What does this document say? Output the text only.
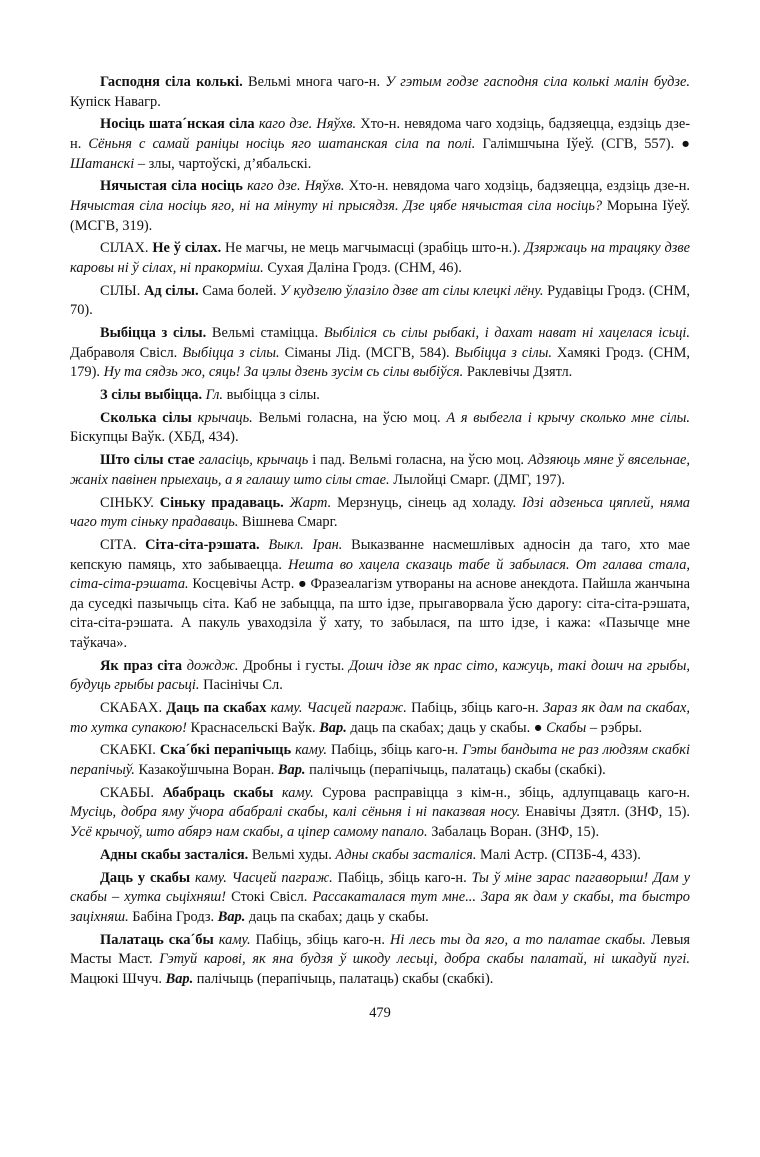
Гасподня сіла колькі. Вельмі многа чаго-н. У гэтым годзе гасподня сіла колькі малін будзе. Купіск Навагр.

Носіць шата´нская сіла каго дзе. Няўхв. Хто-н. невядома чаго ходзіць, бадзяецца, ездзіць дзе-н. Сёньня с самай раніцы носіць яго шатанская сіла па полі. Галімшчына Іўеў. (СГВ, 557). ● Шатанскі – злы, чартоўскі, д’ябальскі.

Нячыстая сіла носіць каго дзе. Няўхв. Хто-н. невядома чаго ходзіць, бадзяецца, ездзіць дзе-н. Нячыстая сіла носіць яго, ні на мінуту ні прысядзя. Дзе цябе нячыстая сіла носіць? Морына Іўеў. (МСГВ, 319).

СІЛАХ. Не ў сілах. Не магчы, не мець магчымасці (зрабіць што-н.). Дзяржаць на трацяку дзве каровы ні ў сілах, ні пракорміш. Сухая Даліна Гродз. (СНМ, 46).

СІЛЫ. Ад сілы. Сама болей. У кудзелю ўлазіло дзве ат сілы клецкі лёну. Рудавіцы Гродз. (СНМ, 70).

Выбіцца з сілы. Вельмі стаміцца. Выбіліся сь сілы рыбакі, і дахат нават ні хацелася ісьці. Дабраволя Свісл. Выбіцца з сілы. Сіманы Лід. (МСГВ, 584). Выбіцца з сілы. Хамякі Гродз. (СНМ, 179). Ну та сядзь жо, сяць! За цэлы дзень зусім сь сілы выбіўся. Раклевічы Дзятл.

З сілы выбіцца. Гл. выбіцца з сілы.

Сколька сілы крычаць. Вельмі голасна, на ўсю моц. А я выбегла і крычу сколько мне сілы. Біскупцы Ваўк. (ХБД, 434).

Што сілы стае галасіць, крычаць і пад. Вельмі голасна, на ўсю моц. Адзяюць мяне ў вясельнае, жаніх павінен прыехаць, а я галашу што сілы стае. Лылойці Смарг. (ДМГ, 197).

СІНЬКУ. Сіньку прадаваць. Жарт. Мерзнуць, сінець ад холаду. Ідзі адзеньса цяплей, няма чаго тут сіньку прадаваць. Вішнева Смарг.

СІТА. Сіта-сіта-рэшата. Выкл. Іран. Выказванне насмешлівых адносін да таго, хто мае кепскую памяць, хто забываецца. Нешта во хацела сказаць табе й забылася. От галава стала, сіта-сіта-рэшата. Косцевічы Астр. ● Фразеалагізм утвораны на аснове анекдота. Пайшла жанчына да суседкі пазычыць сіта. Каб не забыцца, па што ідзе, прыгаворвала ўсю дарогу: сіта-сіта-рэшата, сіта-сіта-рэшата. А пакуль уваходзіла ў хату, то забылася, па што ідзе, і кажа: «Пазычце мне таўкача».

Як праз сіта дождж. Дробны і густы. Дошч ідзе як прас сіто, кажуць, такі дошч на грыбы, будуць грыбы расьці. Пасінічы Сл.

СКАБАХ. Даць па скабах каму. Часцей паграж. Пабіць, збіць каго-н. Зараз як дам па скабах, то хутка супакою! Краснасельскі Ваўк. Вар. даць па скабах; даць у скабы. ● Скабы – рэбры.

СКАБКІ. Ска´бкі перапічыць каму. Пабіць, збіць каго-н. Гэты бандыта не раз людзям скабкі перапічыў. Казакоўшчына Воран. Вар. палічыць (перапічыць, палатаць) скабы (скабкі).

СКАБЫ. Абабраць скабы каму. Сурова расправіцца з кім-н., збіць, адлупцаваць каго-н. Мусіць, добра яму ўчора абабралі скабы, калі сёньня і ні паказвая носу. Енавічы Дзятл. (ЗНФ, 15). Усё крычоў, што абярэ нам скабы, а ціпер самому папало. Забалаць Воран. (ЗНФ, 15).

Адны скабы засталіся. Вельмі худы. Адны скабы засталіся. Малі Астр. (СПЗБ-4, 433).

Даць у скабы каму. Часцей паграж. Пабіць, збіць каго-н. Ты ў міне зарас пагаворыш! Дам у скабы – хутка сьціхняш! Стокі Свісл. Рассакаталася тут мне... Зара як дам у скабы, та быстро заціхняш. Бабіна Гродз. Вар. даць па скабах; даць у скабы.

Палатаць ска´бы каму. Пабіць, збіць каго-н. Ні лесь ты да яго, а то палатае скабы. Левыя Масты Маст. Гэтуй карові, як яна будзя ў шкоду лесьці, добра скабы палатай, ні шкадуй пугі. Мацюкі Шчуч. Вар. палічыць (перапічыць, палатаць) скабы (скабкі).

479
